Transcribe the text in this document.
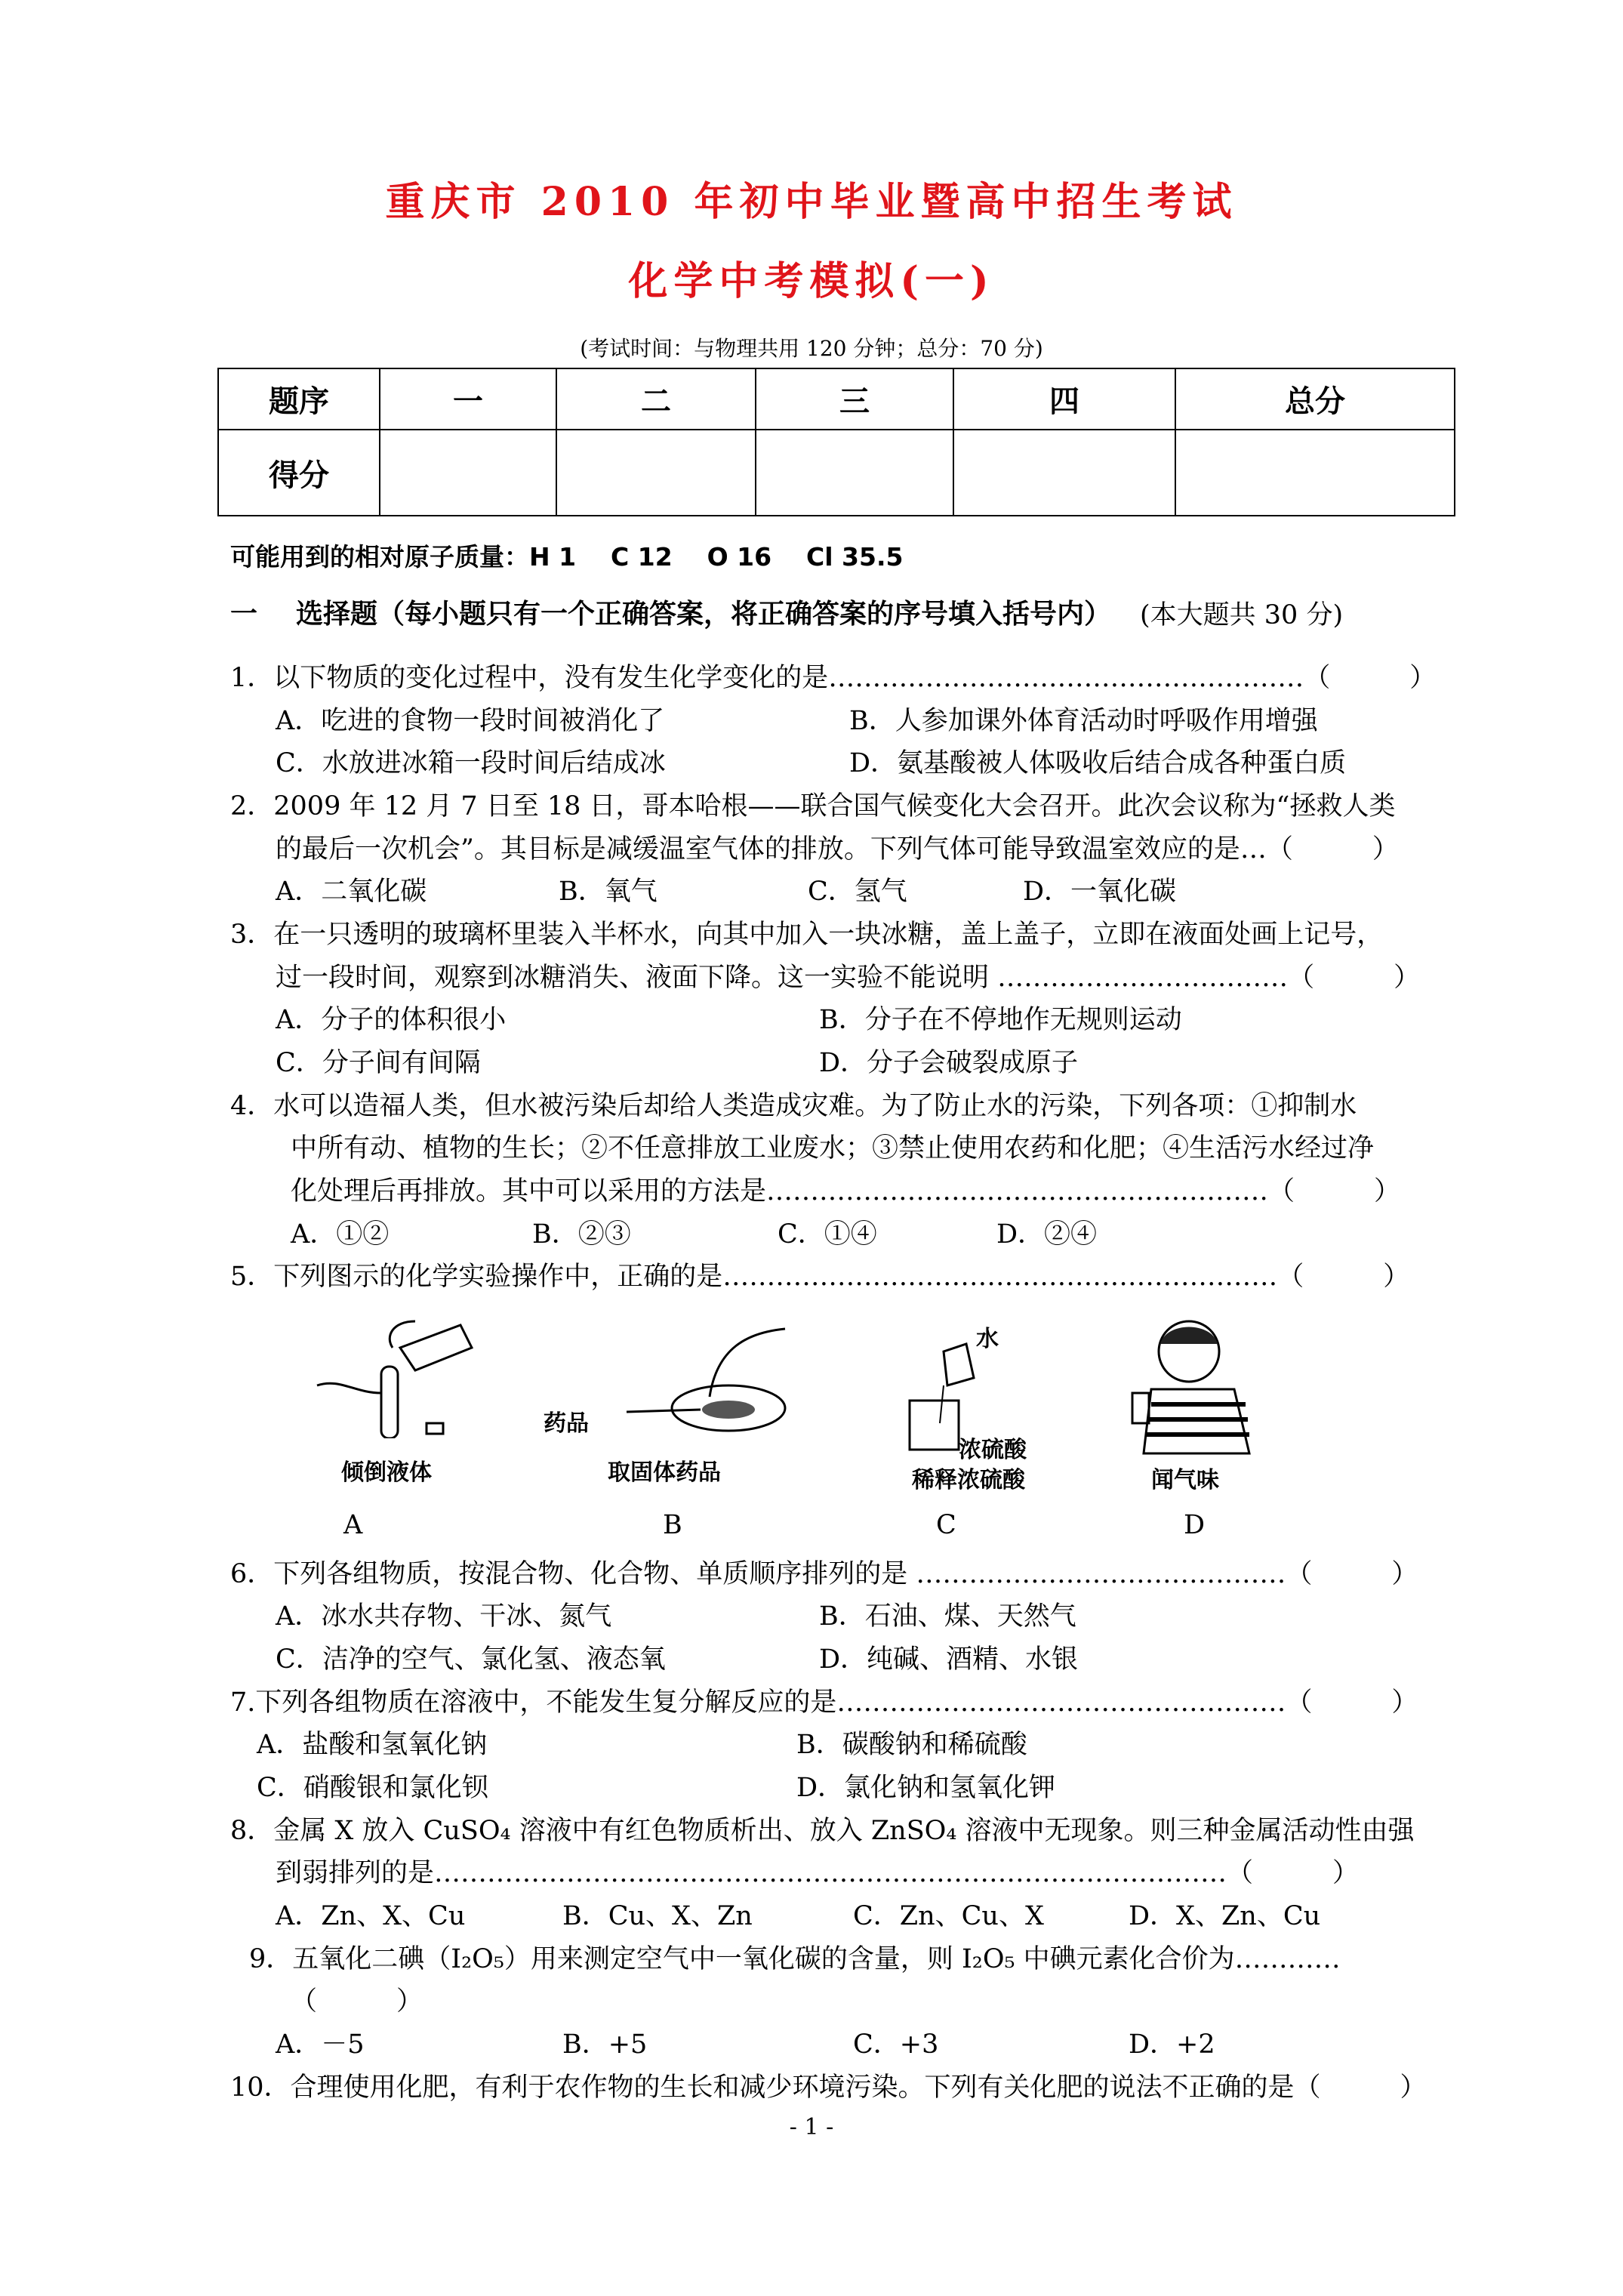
重庆市 2010 年初中毕业暨高中招生考试
化学中考模拟(一)
(考试时间：与物理共用 120 分钟；总分：70 分)
题序	一	二	三	四	总分
得分					
可能用到的相对原子质量：H 1    C 12    O 16    Cl 35.5
一 选择题（每小题只有一个正确答案，将正确答案的序号填入括号内） (本大题共 30 分)
1．以下物质的变化过程中，没有发生化学变化的是………………………………………………（　　　）
A．吃进的食物一段时间被消化了	B．人参加课外体育活动时呼吸作用增强
C．水放进冰箱一段时间后结成冰	D．氨基酸被人体吸收后结合成各种蛋白质
2．2009 年 12 月 7 日至 18 日，哥本哈根——联合国气候变化大会召开。此次会议称为“拯救人类
的最后一次机会”。其目标是减缓温室气体的排放。下列气体可能导致温室效应的是…（　　　）
A．二氧化碳	B．氧气	C．氢气	D．一氧化碳
3．在一只透明的玻璃杯里装入半杯水，向其中加入一块冰糖，盖上盖子，立即在液面处画上记号，
过一段时间，观察到冰糖消失、液面下降。这一实验不能说明 ……………………………（　　　）
A．分子的体积很小	B．分子在不停地作无规则运动
C．分子间有间隔	D．分子会破裂成原子
4．水可以造福人类，但水被污染后却给人类造成灾难。为了防止水的污染，下列各项：①抑制水
中所有动、植物的生长；②不任意排放工业废水；③禁止使用农药和化肥；④生活污水经过净
化处理后再排放。其中可以采用的方法是…………………………………………………（　　　）
A．①②	B．②③	C．①④	D．②④
5．下列图示的化学实验操作中，正确的是………………………………………………………（　　　）
倾倒液体
药品
取固体药品
水
浓硫酸
稀释浓硫酸	闻气味
A	B	C	D
6．下列各组物质，按混合物、化合物、单质顺序排列的是 ……………………………………（　　　）
A．冰水共存物、干冰、氮气	B．石油、煤、天然气
C．洁净的空气、氯化氢、液态氧	D．纯碱、酒精、水银
7.下列各组物质在溶液中，不能发生复分解反应的是……………………………………………（　　　）
A．盐酸和氢氧化钠	B．碳酸钠和稀硫酸
C．硝酸银和氯化钡	D．氯化钠和氢氧化钾
8．金属 X 放入 CuSO₄ 溶液中有红色物质析出、放入 ZnSO₄ 溶液中无现象。则三种金属活动性由强
到弱排列的是………………………………………………………………………………（　　　）
A．Zn、X、Cu	B．Cu、X、Zn	C．Zn、Cu、X	D．X、Zn、Cu
9．五氧化二碘（I₂O₅）用来测定空气中一氧化碳的含量，则 I₂O₅ 中碘元素化合价为…………
（　　　）
A．－5	B．+5	C．+3	D．+2
10．合理使用化肥，有利于农作物的生长和减少环境污染。下列有关化肥的说法不正确的是（　　　）
- 1 -
